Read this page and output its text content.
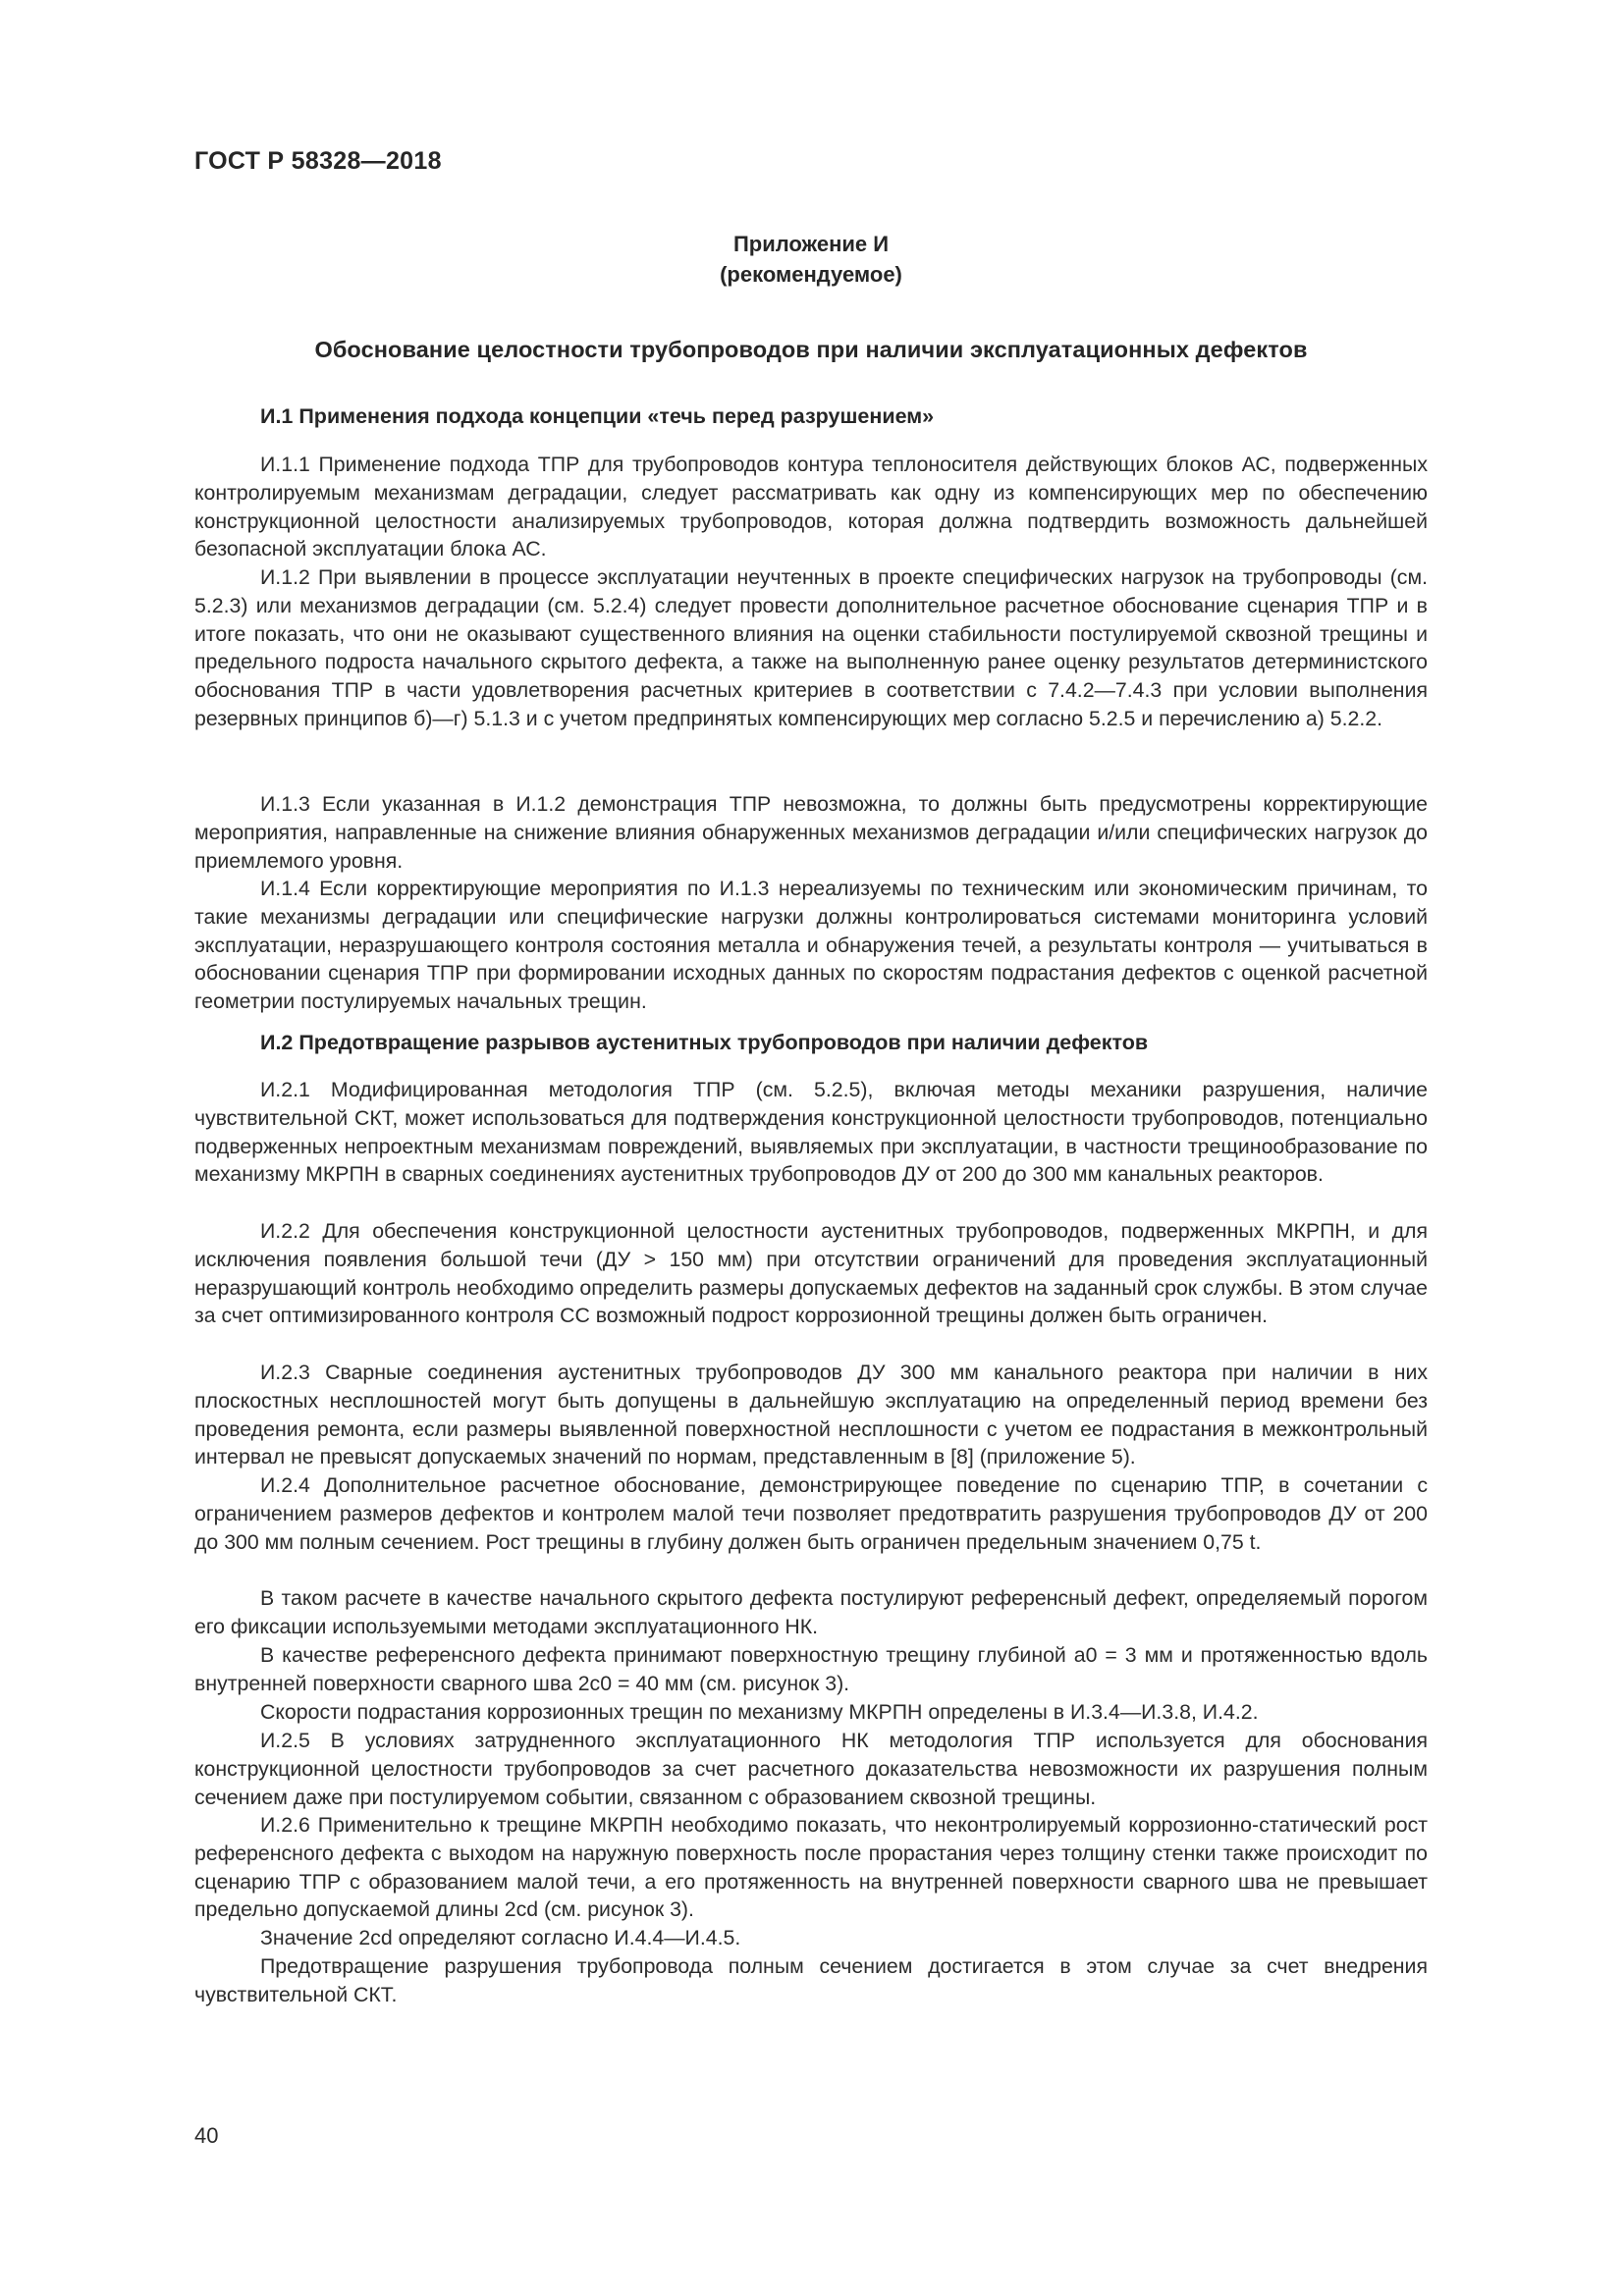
ГОСТ Р 58328—2018
Приложение И
(рекомендуемое)
Обоснование целостности трубопроводов при наличии эксплуатационных дефектов
И.1 Применения подхода концепции «течь перед разрушением»
И.1.1 Применение подхода ТПР для трубопроводов контура теплоносителя действующих блоков АС, подверженных контролируемым механизмам деградации, следует рассматривать как одну из компенсирующих мер по обеспечению конструкционной целостности анализируемых трубопроводов, которая должна подтвердить возможность дальнейшей безопасной эксплуатации блока АС.
И.1.2 При выявлении в процессе эксплуатации неучтенных в проекте специфических нагрузок на трубопроводы (см. 5.2.3) или механизмов деградации (см. 5.2.4) следует провести дополнительное расчетное обоснование сценария ТПР и в итоге показать, что они не оказывают существенного влияния на оценки стабильности постулируемой сквозной трещины и предельного подроста начального скрытого дефекта, а также на выполненную ранее оценку результатов детерминистского обоснования ТПР в части удовлетворения расчетных критериев в соответствии с 7.4.2—7.4.3 при условии выполнения резервных принципов б)—г) 5.1.3 и с учетом предпринятых компенсирующих мер согласно 5.2.5 и перечислению а) 5.2.2.
И.1.3 Если указанная в И.1.2 демонстрация ТПР невозможна, то должны быть предусмотрены корректирующие мероприятия, направленные на снижение влияния обнаруженных механизмов деградации и/или специфических нагрузок до приемлемого уровня.
И.1.4 Если корректирующие мероприятия по И.1.3 нереализуемы по техническим или экономическим причинам, то такие механизмы деградации или специфические нагрузки должны контролироваться системами мониторинга условий эксплуатации, неразрушающего контроля состояния металла и обнаружения течей, а результаты контроля — учитываться в обосновании сценария ТПР при формировании исходных данных по скоростям подрастания дефектов с оценкой расчетной геометрии постулируемых начальных трещин.
И.2 Предотвращение разрывов аустенитных трубопроводов при наличии дефектов
И.2.1 Модифицированная методология ТПР (см. 5.2.5), включая методы механики разрушения, наличие чувствительной СКТ, может использоваться для подтверждения конструкционной целостности трубопроводов, потенциально подверженных непроектным механизмам повреждений, выявляемых при эксплуатации, в частности трещинообразование по механизму МКРПН в сварных соединениях аустенитных трубопроводов ДУ от 200 до 300 мм канальных реакторов.
И.2.2 Для обеспечения конструкционной целостности аустенитных трубопроводов, подверженных МКРПН, и для исключения появления большой течи (ДУ > 150 мм) при отсутствии ограничений для проведения эксплуатационный неразрушающий контроль необходимо определить размеры допускаемых дефектов на заданный срок службы. В этом случае за счет оптимизированного контроля СС возможный подрост коррозионной трещины должен быть ограничен.
И.2.3 Сварные соединения аустенитных трубопроводов ДУ 300 мм канального реактора при наличии в них плоскостных несплошностей могут быть допущены в дальнейшую эксплуатацию на определенный период времени без проведения ремонта, если размеры выявленной поверхностной несплошности с учетом ее подрастания в межконтрольный интервал не превысят допускаемых значений по нормам, представленным в [8] (приложение 5).
И.2.4 Дополнительное расчетное обоснование, демонстрирующее поведение по сценарию ТПР, в сочетании с ограничением размеров дефектов и контролем малой течи позволяет предотвратить разрушения трубопроводов ДУ от 200 до 300 мм полным сечением. Рост трещины в глубину должен быть ограничен предельным значением 0,75 t.
В таком расчете в качестве начального скрытого дефекта постулируют референсный дефект, определяемый порогом его фиксации используемыми методами эксплуатационного НК.
В качестве референсного дефекта принимают поверхностную трещину глубиной a0 = 3 мм и протяженностью вдоль внутренней поверхности сварного шва 2c0 = 40 мм (см. рисунок 3).
Скорости подрастания коррозионных трещин по механизму МКРПН определены в И.3.4—И.3.8, И.4.2.
И.2.5 В условиях затрудненного эксплуатационного НК методология ТПР используется для обоснования конструкционной целостности трубопроводов за счет расчетного доказательства невозможности их разрушения полным сечением даже при постулируемом событии, связанном с образованием сквозной трещины.
И.2.6 Применительно к трещине МКРПН необходимо показать, что неконтролируемый коррозионно-статический рост референсного дефекта с выходом на наружную поверхность после прорастания через толщину стенки также происходит по сценарию ТПР с образованием малой течи, а его протяженность на внутренней поверхности сварного шва не превышает предельно допускаемой длины 2cd (см. рисунок 3).
Значение 2cd определяют согласно И.4.4—И.4.5.
Предотвращение разрушения трубопровода полным сечением достигается в этом случае за счет внедрения чувствительной СКТ.
40
